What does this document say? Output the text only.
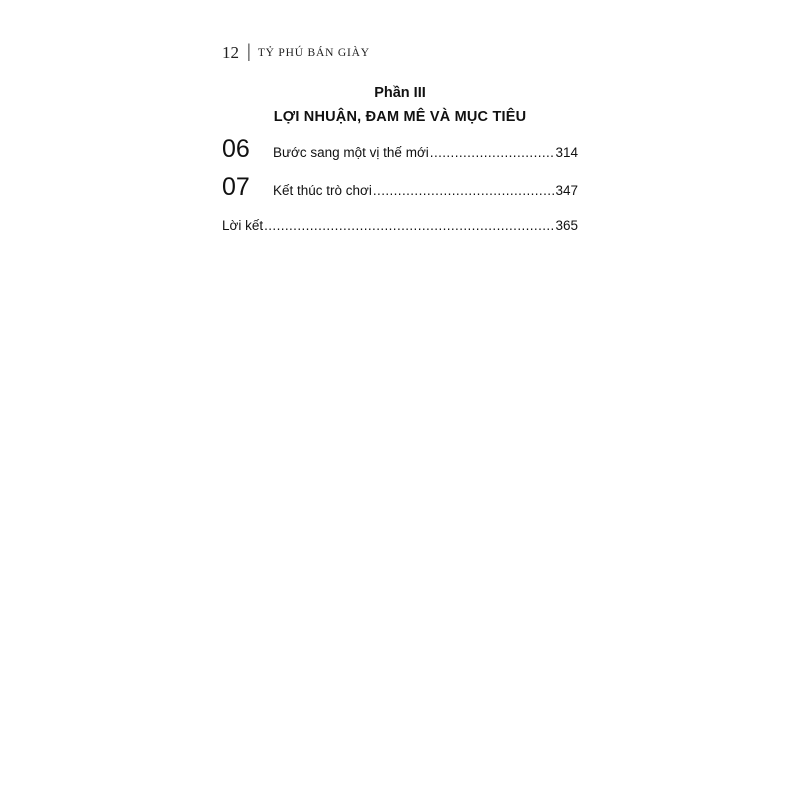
12 | TỶ PHÚ BÁN GIÀY
Phần III
LỢI NHUẬN, ĐAM MÊ VÀ MỤC TIÊU
06	Bước sang một vị thế mới .....	314
07	Kết thúc trò chơi .....	347
Lời kết .....	365
